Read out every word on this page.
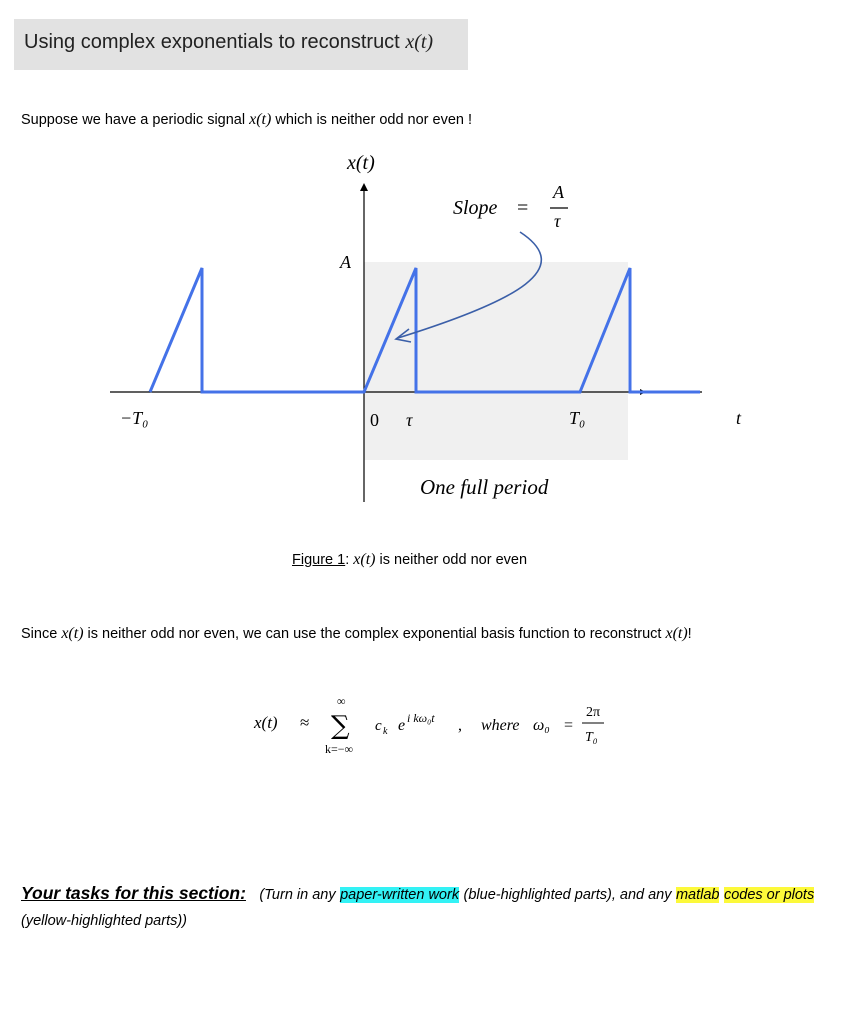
Using complex exponentials to reconstruct x(t)
Suppose we have a periodic signal x(t) which is neither odd nor even !
x(t)
A
Slope =
A
τ
−T₀	0 τ	T₀	t
One full period
Figure 1: x(t) is neither odd nor even
Since x(t) is neither odd nor even, we can use the complex exponential basis function to reconstruct x(t)!
x(t) ≈
∞
∑
k=−∞
c k e i kω₀t , where ω₀ =
2π
T₀
Your tasks for this section: (Turn in any paper-written work (blue-highlighted parts), and any matlab codes or plots (yellow-highlighted parts))
